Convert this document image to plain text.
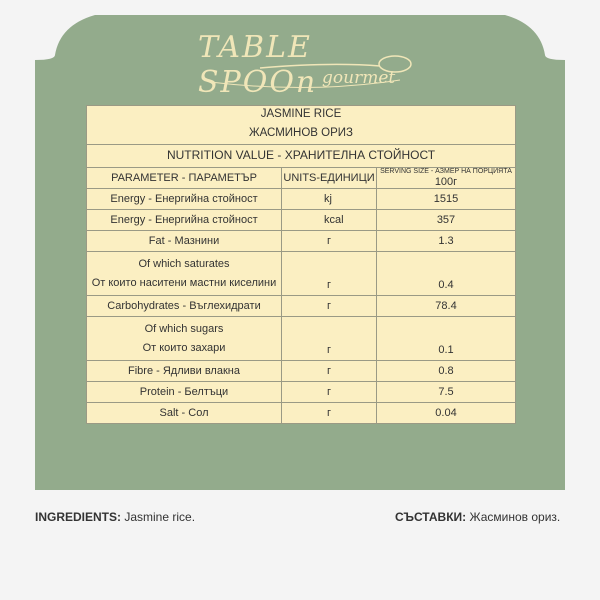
TABLE SPOOn gourmet
JASMINE RICE		
ЖАСМИНОВ ОРИЗ		
NUTRITION VALUE - ХРАНИТЕЛНА СТОЙНОСТ		
PARAMETER - ПАРАМЕТЪР	UNITS-ЕДИНИЦИ	SERVING SIZE - АЗМЕР НА ПОРЦИЯТА
100г

Energy - Енергийна стойност	kj	1515
Energy - Енергийна стойност	kcal	357
Fat - Мазнини	г	1.3

Of which saturates
От които наситени мастни киселини	г	0.4
Carbohydrates - Въглехидрати	г	78.4

Of which sugars
От които захари	г	0.1
Fibre - Ядливи влакна	г	0.8
Protein - Белтъци	г	7.5
Salt - Сол	г	0.04
INGREDIENTS: Jasmine rice.	СЪСТАВКИ: Жасминов ориз.
